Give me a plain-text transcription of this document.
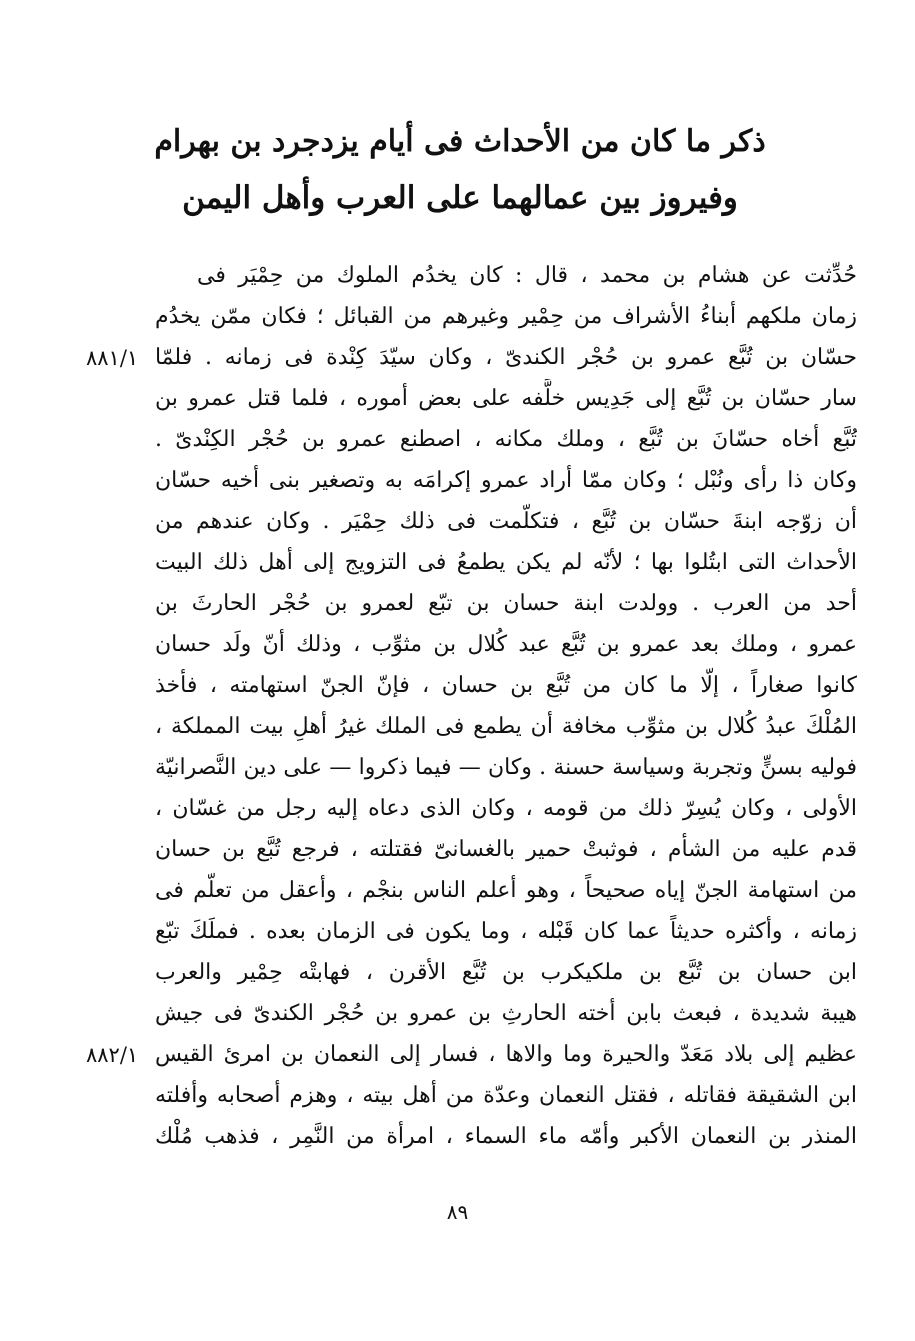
ذكر ما كان من الأحداث فى أيام يزدجرد بن بهرام
وفيروز بين عمالهما على العرب وأهل اليمن
حُدِّثت عن هشام بن محمد ، قال : كان يخدُم الملوك من حِمْيَر فى
زمان ملكهم أبناءُ الأشراف من حِمْير وغيرهم من القبائل ؛ فكان ممّن يخدُم
حسّان بن تُبَّع عمرو بن حُجْر الكندىّ ، وكان سيّدَ كِنْدة فى زمانه . فلمّا
سار حسّان بن تُبَّع إلى جَدِيس خلَّفه على بعض أموره ، فلما قتل عمرو بن
تُبَّع أخاه حسّانَ بن تُبَّع ، وملك مكانه ، اصطنع عمرو بن حُجْر الكِنْدىّ .
وكان ذا رأى ونُبْل ؛ وكان ممّا أراد عمرو إكرامَه به وتصغير بنى أخيه حسّان
أن زوّجه ابنةَ حسّان بن تُبَّع ، فتكلّمت فى ذلك حِمْيَر . وكان عندهم من
الأحداث التى ابتُلوا بها ؛ لأنّه لم يكن يطمعُ فى التزويج إلى أهل ذلك البيت
أحد من العرب . وولدت ابنة حسان بن تبّع لعمرو بن حُجْر الحارثَ بن
عمرو ، وملك بعد عمرو بن تُبَّع عبد كُلال بن مثوِّب ، وذلك أنّ ولَد حسان
كانوا صغاراً ، إلّا ما كان من تُبَّع بن حسان ، فإنّ الجنّ استهامته ، فأخذ
المُلْكَ عبدُ كُلال بن مثوِّب مخافة أن يطمع فى الملك غيرُ أهلِ بيت المملكة ،
فوليه بسنٍّ وتجربة وسياسة حسنة . وكان — فيما ذكروا — على دين النَّصرانيّة
الأولى ، وكان يُسِرّ ذلك من قومه ، وكان الذى دعاه إليه رجل من غسّان ،
قدم عليه من الشأم ، فوثبتْ حمير بالغسانىّ فقتلته ، فرجع تُبَّع بن حسان
من استهامة الجنّ إياه صحيحاً ، وهو أعلم الناس بنجْم ، وأعقل من تعلّم فى
زمانه ، وأكثره حديثاً عما كان قَبْله ، وما يكون فى الزمان بعده . فملَكَ تبّع
ابن حسان بن تُبَّع بن ملكيكرب بن تُبَّع الأقرن ، فهابتْه حِمْير والعرب
هيبة شديدة ، فبعث بابن أخته الحارثِ بن عمرو بن حُجْر الكندىّ فى جيش
عظيم إلى بلاد مَعَدّ والحيرة وما والاها ، فسار إلى النعمان بن امرئ القيس
ابن الشقيقة فقاتله ، فقتل النعمان وعدّة من أهل بيته ، وهزم أصحابه وأفلته
المنذر بن النعمان الأكبر وأمّه ماء السماء ، امرأة من النَّمِر ، فذهب مُلْك
٨٨١/١
٨٨٢/١
٨٩
